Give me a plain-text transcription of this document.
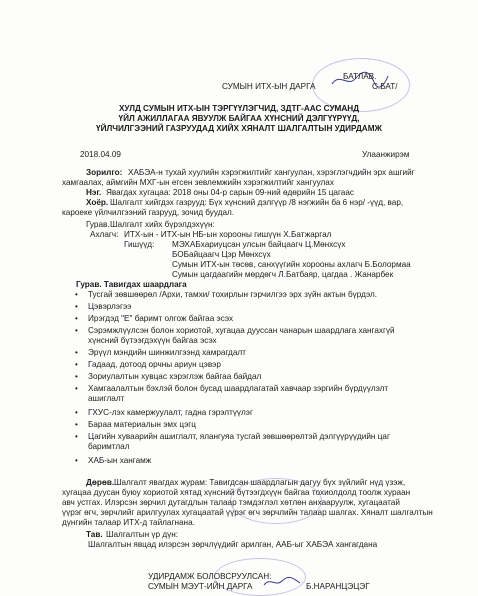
БАТЛАВ.
СУМЫН ИТХ-ЫН ДАРГА	С.БАТ/
ХУЛД СУМЫН ИТХ-ЫН ТЭРГҮҮЛЭГЧИД, ЗДТГ-ААС СУМАНД
ҮЙЛ АЖИЛЛАГАА ЯВУУЛЖ БАЙГАА ХҮНСНИЙ ДЭЛГҮҮРҮҮД,
ҮЙЛЧИЛГЭЭНИЙ ГАЗРУУДАД ХИЙХ ХЯНАЛТ ШАЛГАЛТЫН УДИРДАМЖ
2018.04.09	Улаанжирэм
Зорилго: ХАБЭА-н тухай хуулийн хэрэгжилтийг хангуулан, хэрэглэгчдийн эрх ашгийг
хамгаалах, аймгийн МХГ-ын егсен зевлемжийн хэрэгжилтийг хангуулах
Нэг. Явагдах хугацаа: 2018 оны 04-р сарын 09-ний өдөрийн 15 цагаас
Хоёр. Шалгалт хийгдэх газрууд: Бүх хүнсний дэлгүүр /8 нэгжийн ба 6 нэр/ -үүд, вар,
кароеке үйлчилгээний газрууд, зочид буудал.
Гурав. Шалгалт хийх бүрэлдэхүүн:
Ахлагч: ИТХ-ын - ИТХ-ын НБ-ын хорооны гишүүн Х.Батжаргал
Гишүүд: МЭХАБхариуцсан улсын байцаагч Ц.Мөнхсүх
БОБайцаагч Цэр Мөнхсүх
Сумын ИТХ-ын төсөв, санхүүгийн хорооны ахлагч Б.Болормаа
Сумын цагдаагийн мөрдөгч Л.Батбаяр, цагдаа . Жанарбек
Гурав. Тавигдах шаардлага
• Тусгай зөвшөөрөл /Архи, тамхи/ тохирлын гэрчилгээ эрх зүйн актын бүрдэл.
• Цэвэрлэгээ
• Ирэгдэд "Е" баримт олгож байгаа эсэх
• Сэрэмжлүүлсэн болон хориотой, хугацаа дууссан чанарын шаардлага хангахгүй
хүнсний бүтээгдэхүүн байгаа эсэх
• Эрүүл мэндийн шинжилгээнд хамрагдалт
• Гадаад, дотоод орчны ариун цэвэр
• Зориулалтын хувцас хэрэглэж байгаа байдал
• Хамгаалалтын бэхлэй болон бусад шаардлагатай хавчаар зэргийн бүрдүүлэлт
ашиглалт
• ГХУС-лэх камержуулалт, гадна гэрэлтүүлэг
• Бараа материалын эмх цэгц
• Цагийн хуваарийн ашиглалт, ялангуяа тусгай зөвшөөрөлтэй дэлгүүрүүдийн цаг
баримтлал
• ХАБ-ын хангамж
Дөрөв. Шалгалт явагдах журам: Тавигдсан шаардлагын дагуу бүх зүйлийг нүд үзэж,
хугацаа дуусан буюу хориотой хятад хүнсний бүтээгдхүүн байгаа тохиолдолд тоолж хураан
авч устгах. Илэрсэн зөрчил дутагдлын талаар тэмдэглэл хөтлөн анхааруулж, хугацаатай
үүрэг өгч, зөрчлийг арилгуулах хугацаатай үүрэг өгч зөрчлийн талаар шалгах. Хяналт шалгалтын
дүнгийн талаар ИТХ-д тайлагнана.
Тав. Шалгалтын үр дүн:
Шалгалтын явцад илэрсэн зөрчлүүдийг арилган, ААБ-ыг ХАБЭА хангагдана
УДИРДАМЖ БОЛОВСРУУЛСАН:
СУМЫН МЭУТ-ИЙН ДАРГА	Б.НАРАНЦЭЦЭГ
